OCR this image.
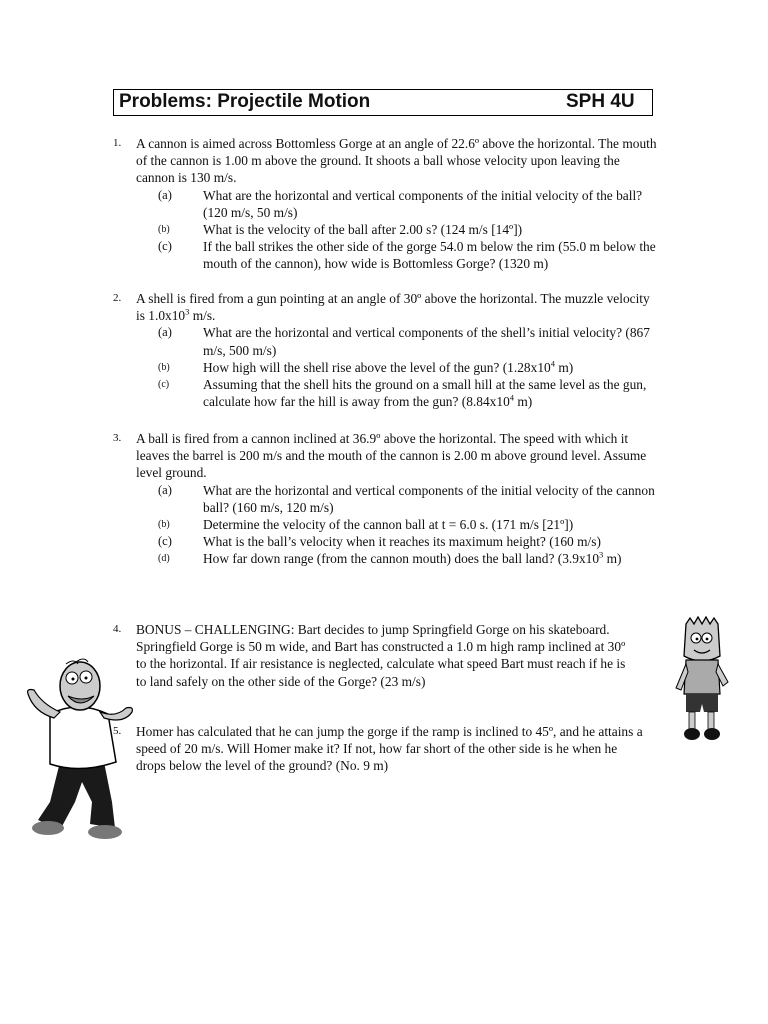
Problems: Projectile Motion	SPH 4U
1. A cannon is aimed across Bottomless Gorge at an angle of 22.6º above the horizontal. The mouth of the cannon is 1.00 m above the ground. It shoots a ball whose velocity upon leaving the cannon is 130 m/s.
(a) What are the horizontal and vertical components of the initial velocity of the ball? (120 m/s, 50 m/s)
(b) What is the velocity of the ball after 2.00 s? (124 m/s [14º])
(c) If the ball strikes the other side of the gorge 54.0 m below the rim (55.0 m below the mouth of the cannon), how wide is Bottomless Gorge? (1320 m)
2. A shell is fired from a gun pointing at an angle of 30º above the horizontal. The muzzle velocity is $1.0x10^3$ m/s.
(a) What are the horizontal and vertical components of the shell’s initial velocity? (867 m/s, 500 m/s)
(b) How high will the shell rise above the level of the gun? ($1.28x10^4$ m)
(c)	Assuming that the shell hits the ground on a small hill at the same level as the gun, calculate how far the hill is away from the gun? ($8.84x10^4$ m)
3. A ball is fired from a cannon inclined at 36.9º above the horizontal. The speed with which it leaves the barrel is 200 m/s and the mouth of the cannon is 2.00 m above ground level. Assume level ground.
(a) What are the horizontal and vertical components of the initial velocity of the cannon ball? (160 m/s, 120 m/s)
(b) Determine the velocity of the cannon ball at t = 6.0 s. (171 m/s [21º])
(c) What is the ball’s velocity when it reaches its maximum height? (160 m/s)
(d) How far down range (from the cannon mouth) does the ball land? ($3.9x10^3$ m)
4. BONUS – CHALLENGING: Bart decides to jump Springfield Gorge on his skateboard. Springfield Gorge is 50 m wide, and Bart has constructed a 1.0 m high ramp inclined at 30º to the horizontal. If air resistance is neglected, calculate what speed Bart must reach if he is to land safely on the other side of the Gorge? (23 m/s)
5. Homer has calculated that he can jump the gorge if the ramp is inclined to 45º, and he attains a speed of 20 m/s. Will Homer make it? If not, how far short of the other side is he when he drops below the level of the ground? (No. 9 m)
